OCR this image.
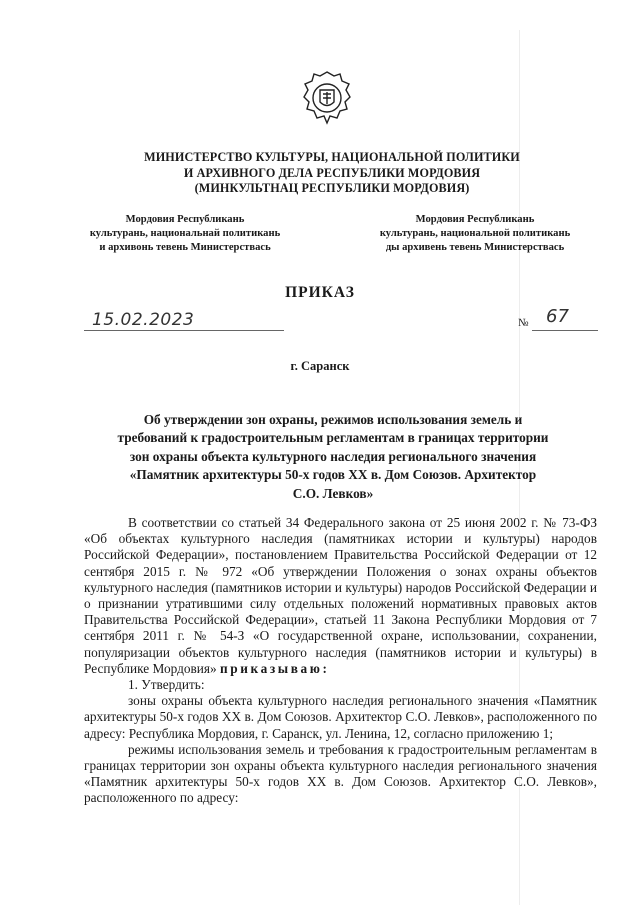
МИНИСТЕРСТВО КУЛЬТУРЫ, НАЦИОНАЛЬНОЙ ПОЛИТИКИ
И АРХИВНОГО ДЕЛА РЕСПУБЛИКИ МОРДОВИЯ
(МИНКУЛЬТНАЦ РЕСПУБЛИКИ МОРДОВИЯ)
Мордовия Республикань
культурань, национальнай политикань
и архивонь тевень Министерствась
Мордовия Республикань
культурань, национальной политикань
ды архивень тевень Министерствась
ПРИКАЗ
15.02.2023	№ 67
г. Саранск
Об утверждении зон охраны, режимов использования земель и
требований к градостроительным регламентам в границах территории
зон охраны объекта культурного наследия регионального значения
«Памятник архитектуры 50-х годов ХХ в. Дом Союзов. Архитектор
С.О. Левков»

В соответствии со статьей 34 Федерального закона от 25 июня 2002 г. № 73-ФЗ «Об объектах культурного наследия (памятниках истории и культуры) народов Российской Федерации», постановлением Правительства Российской Федерации от 12 сентября 2015 г. № 972 «Об утверждении Положения о зонах охраны объектов культурного наследия (памятников истории и культуры) народов Российской Федерации и о признании утратившими силу отдельных положений нормативных правовых актов Правительства Российской Федерации», статьей 11 Закона Республики Мордовия от 7 сентября 2011 г. № 54-З «О государственной охране, использовании, сохранении, популяризации объектов культурного наследия (памятников истории и культуры) в Республике Мордовия» приказываю:

1. Утвердить:

зоны охраны объекта культурного наследия регионального значения «Памятник архитектуры 50-х годов ХХ в. Дом Союзов. Архитектор С.О. Левков», расположенного по адресу: Республика Мордовия, г. Саранск, ул. Ленина, 12, согласно приложению 1;

режимы использования земель и требования к градостроительным регламентам в границах территории зон охраны объекта культурного наследия регионального значения «Памятник архитектуры 50-х годов ХХ в. Дом Союзов. Архитектор С.О. Левков», расположенного по адресу:
